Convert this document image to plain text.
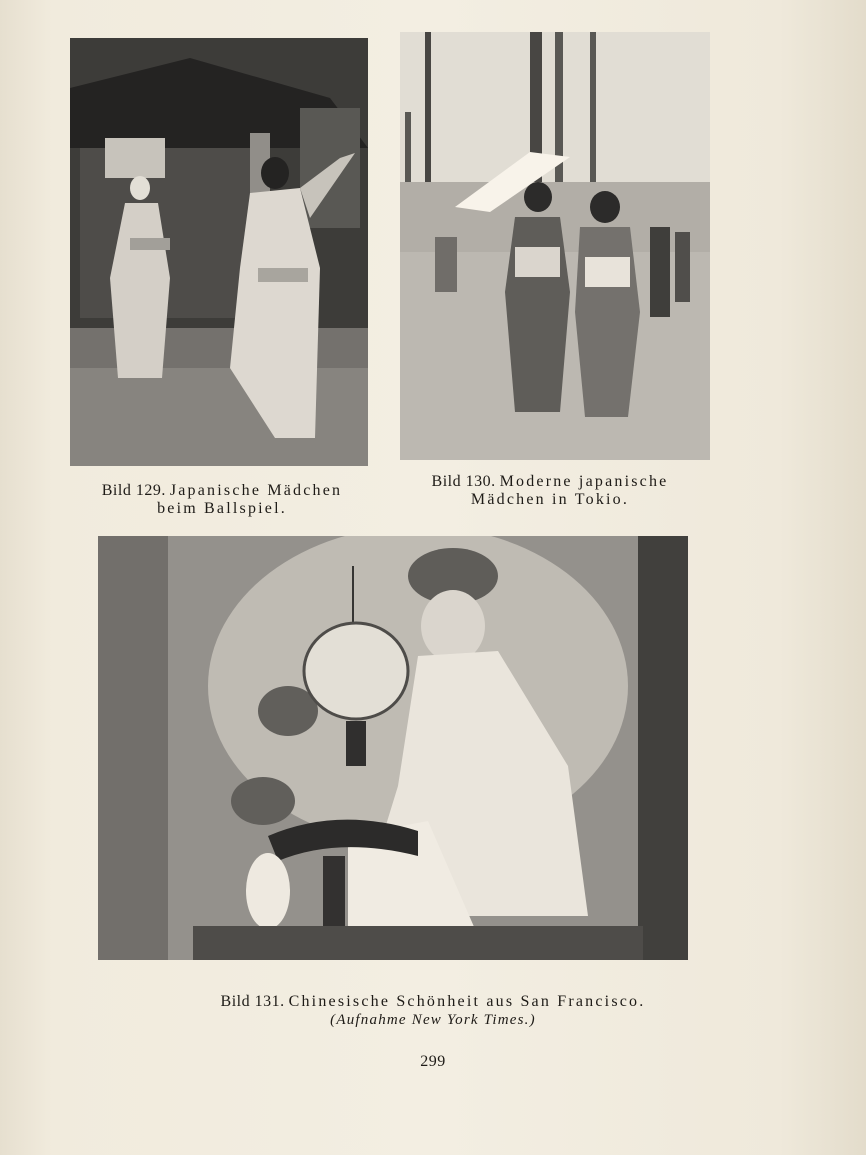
Bild 129. Japanische Mädchen
beim Ballspiel.
Bild 130. Moderne japanische
Mädchen in Tokio.
Bild 131. Chinesische Schönheit aus San Francisco.
(Aufnahme New York Times.)
299
